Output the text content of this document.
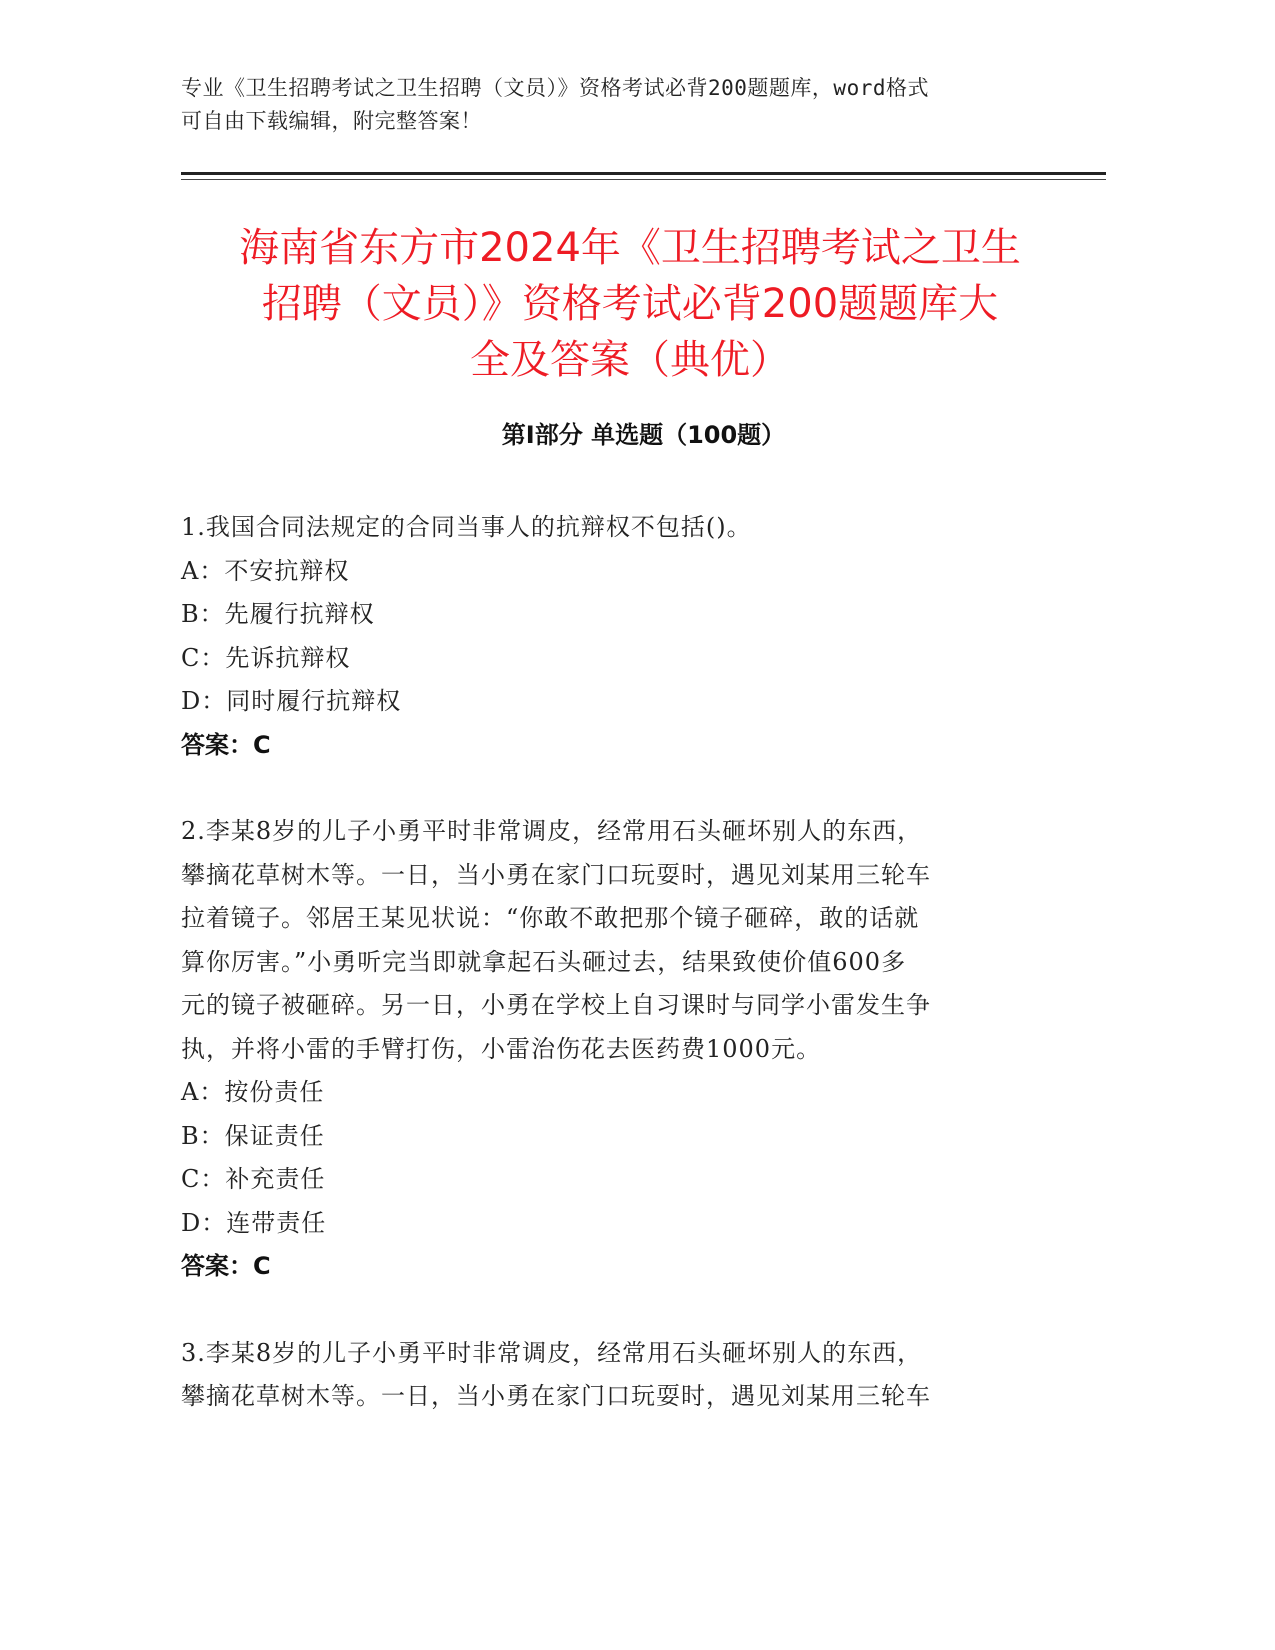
专业《卫生招聘考试之卫生招聘（文员）》资格考试必背200题题库，word格式
可自由下载编辑，附完整答案！
海南省东方市2024年《卫生招聘考试之卫生
招聘（文员）》资格考试必背200题题库大
全及答案（典优）
第Ⅰ部分 单选题（100题）
1.我国合同法规定的合同当事人的抗辩权不包括()。
A：不安抗辩权
B：先履行抗辩权
C：先诉抗辩权
D：同时履行抗辩权
答案：C
2.李某8岁的儿子小勇平时非常调皮，经常用石头砸坏别人的东西，
攀摘花草树木等。一日，当小勇在家门口玩耍时，遇见刘某用三轮车
拉着镜子。邻居王某见状说：“你敢不敢把那个镜子砸碎，敢的话就
算你厉害。”小勇听完当即就拿起石头砸过去，结果致使价值600多
元的镜子被砸碎。另一日，小勇在学校上自习课时与同学小雷发生争
执，并将小雷的手臂打伤，小雷治伤花去医药费1000元。
A：按份责任
B：保证责任
C：补充责任
D：连带责任
答案：C
3.李某8岁的儿子小勇平时非常调皮，经常用石头砸坏别人的东西，
攀摘花草树木等。一日，当小勇在家门口玩耍时，遇见刘某用三轮车
